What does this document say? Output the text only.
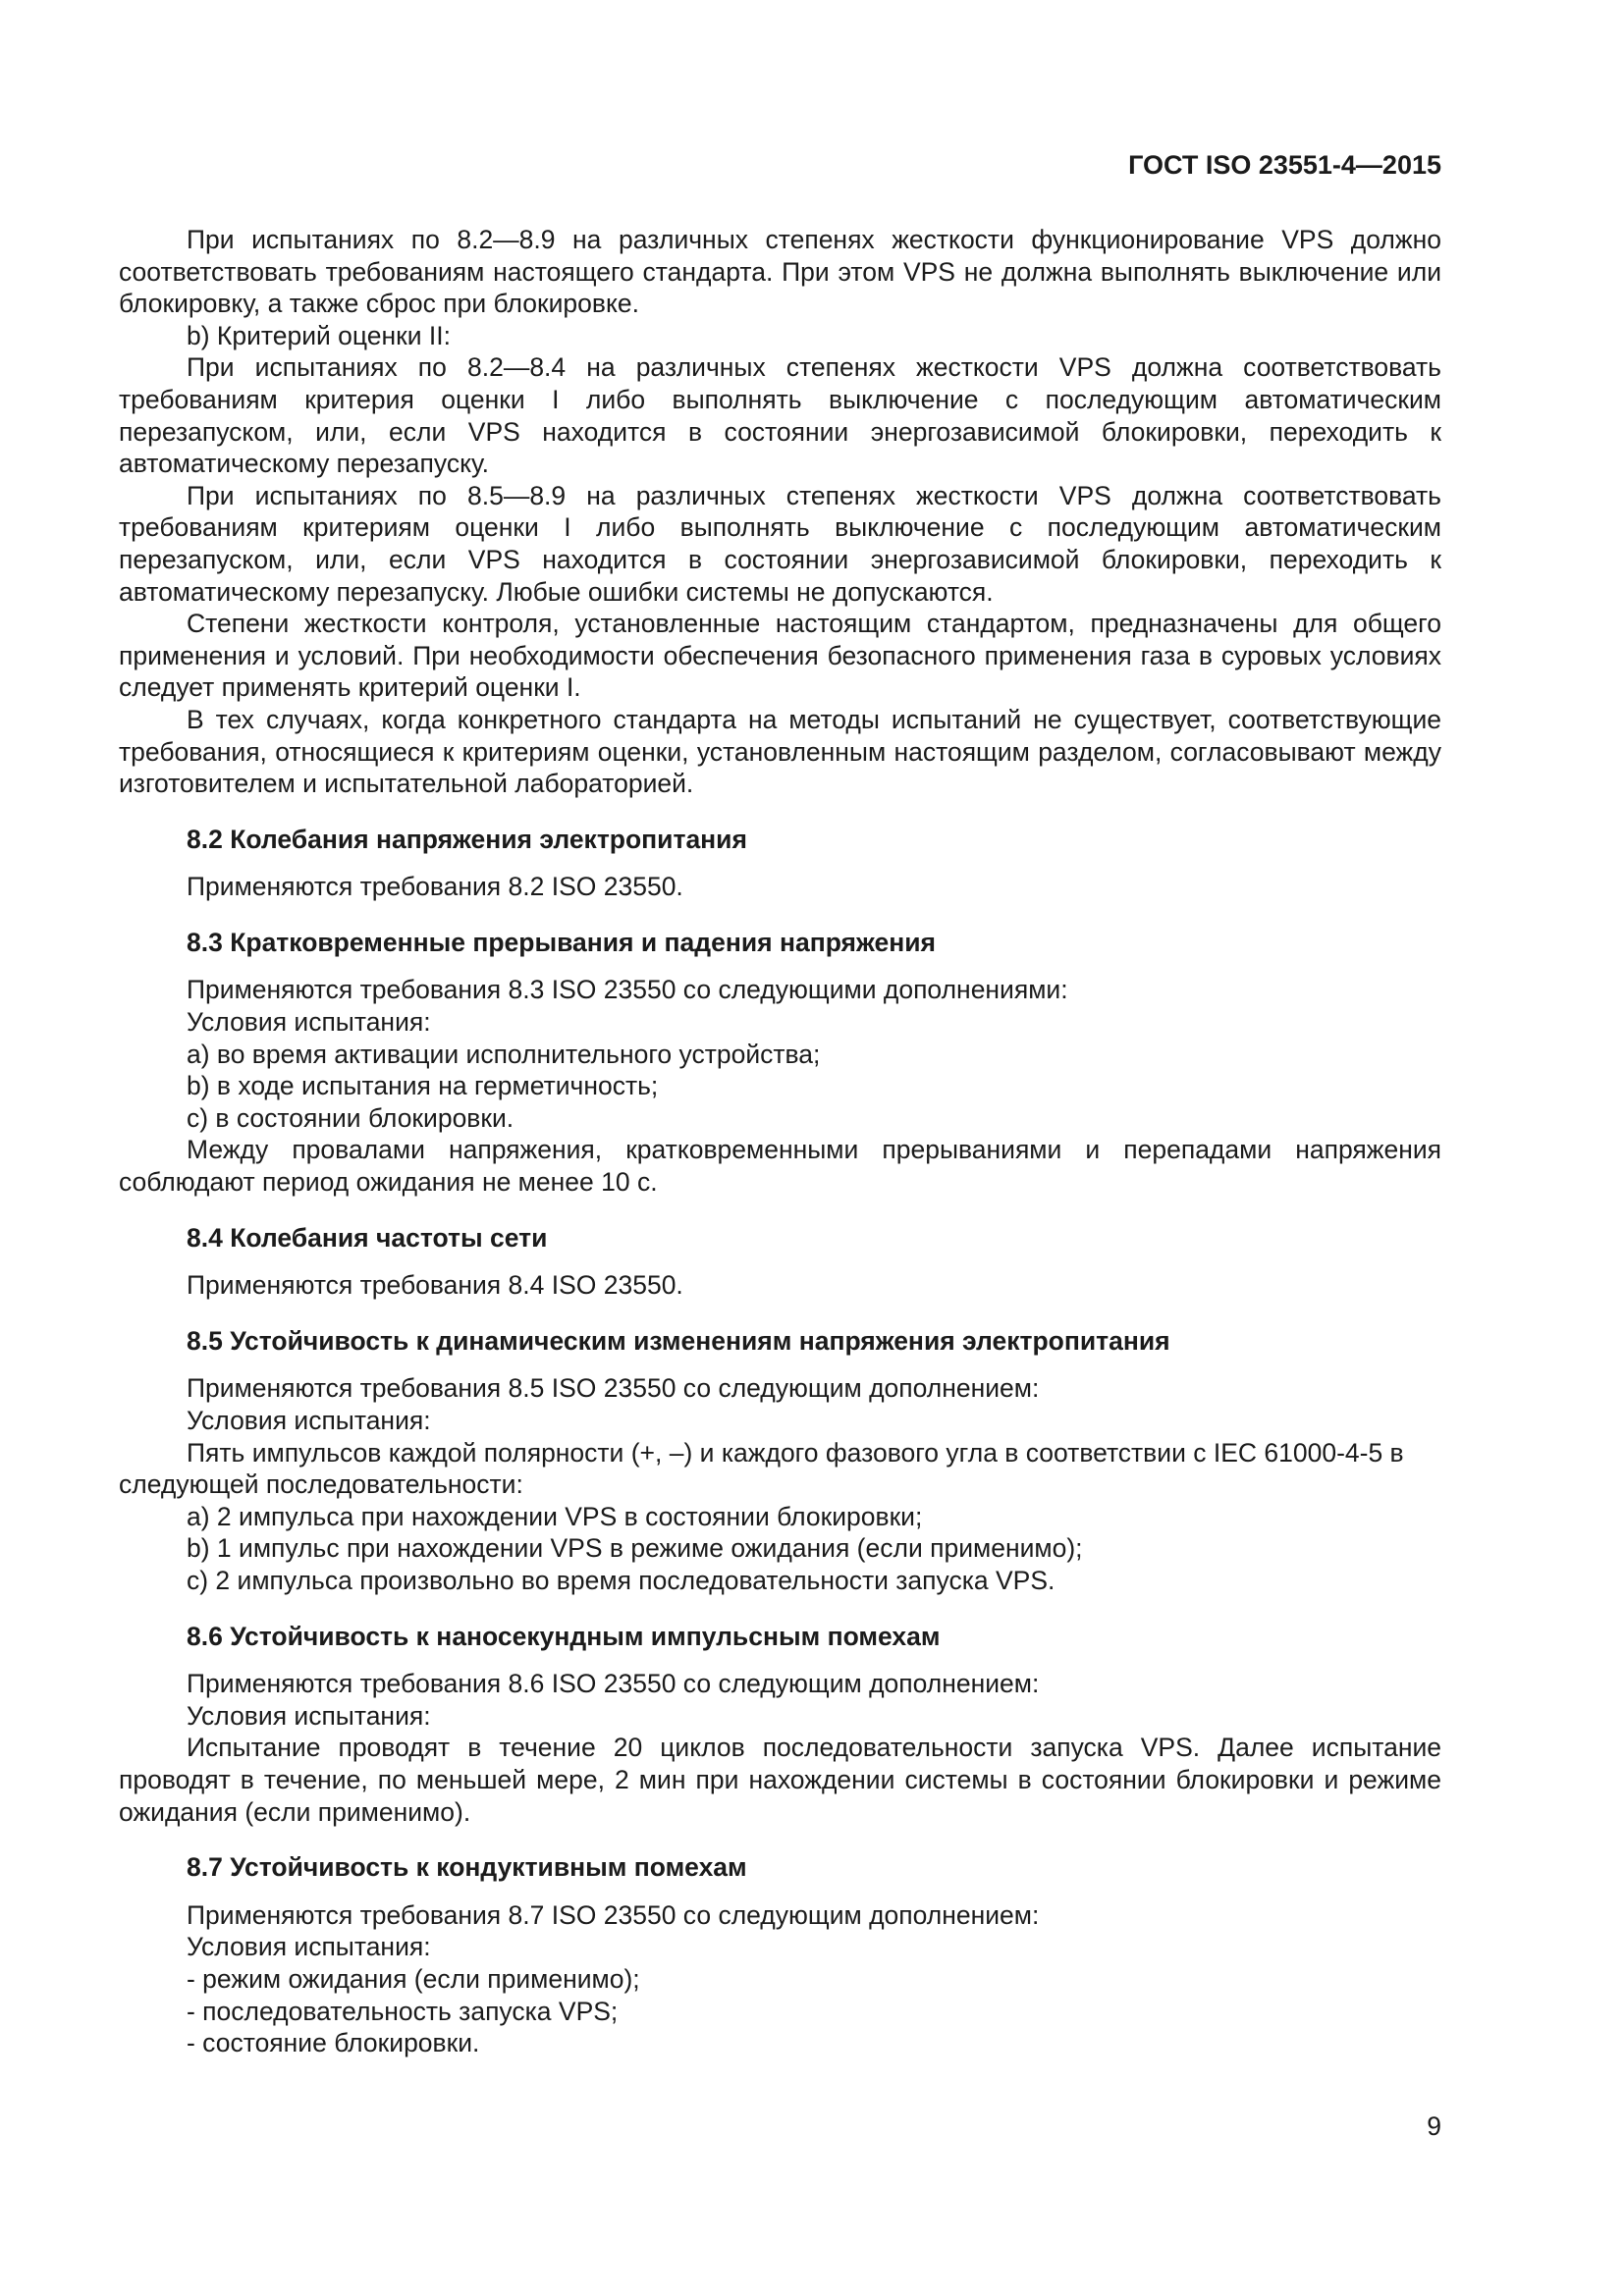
ГОСТ ISO 23551-4—2015

При испытаниях по 8.2—8.9 на различных степенях жесткости функционирование VPS должно соответствовать требованиям настоящего стандарта. При этом VPS не должна выполнять выключение или блокировку, а также сброс при блокировке.

b) Критерий оценки II:

При испытаниях по 8.2—8.4 на различных степенях жесткости VPS должна соответствовать требованиям критерия оценки I либо выполнять выключение с последующим автоматическим перезапуском, или, если VPS находится в состоянии энергозависимой блокировки, переходить к автоматическому перезапуску.

При испытаниях по 8.5—8.9 на различных степенях жесткости VPS должна соответствовать требованиям критериям оценки I либо выполнять выключение с последующим автоматическим перезапуском, или, если VPS находится в состоянии энергозависимой блокировки, переходить к автоматическому перезапуску. Любые ошибки системы не допускаются.

Степени жесткости контроля, установленные настоящим стандартом, предназначены для общего применения и условий. При необходимости обеспечения безопасного применения газа в суровых условиях следует применять критерий оценки I.

В тех случаях, когда конкретного стандарта на методы испытаний не существует, соответствующие требования, относящиеся к критериям оценки, установленным настоящим разделом, согласовывают между изготовителем и испытательной лабораторией.

8.2 Колебания напряжения электропитания

Применяются требования 8.2 ISO 23550.

8.3 Кратковременные прерывания и падения напряжения

Применяются требования 8.3 ISO 23550 со следующими дополнениями:

Условия испытания:

a) во время активации исполнительного устройства;

b) в ходе испытания на герметичность;

c) в состоянии блокировки.

Между провалами напряжения, кратковременными прерываниями и перепадами напряжения соблюдают период ожидания не менее 10 с.

8.4 Колебания частоты сети

Применяются требования 8.4 ISO 23550.

8.5 Устойчивость к динамическим изменениям напряжения электропитания

Применяются требования 8.5 ISO 23550 со следующим дополнением:

Условия испытания:

Пять импульсов каждой полярности (+, –) и каждого фазового угла в соответствии с IEC 61000-4-5 в следующей последовательности:

a) 2 импульса при нахождении VPS в состоянии блокировки;

b) 1 импульс при нахождении VPS в режиме ожидания (если применимо);

c) 2 импульса произвольно во время последовательности запуска VPS.

8.6 Устойчивость к наносекундным импульсным помехам

Применяются требования 8.6 ISO 23550 со следующим дополнением:

Условия испытания:

Испытание проводят в течение 20 циклов последовательности запуска VPS. Далее испытание проводят в течение, по меньшей мере, 2 мин при нахождении системы в состоянии блокировки и режиме ожидания (если применимо).

8.7 Устойчивость к кондуктивным помехам

Применяются требования 8.7 ISO 23550 со следующим дополнением:

Условия испытания:

- режим ожидания (если применимо);

- последовательность запуска VPS;

- состояние блокировки.

9
